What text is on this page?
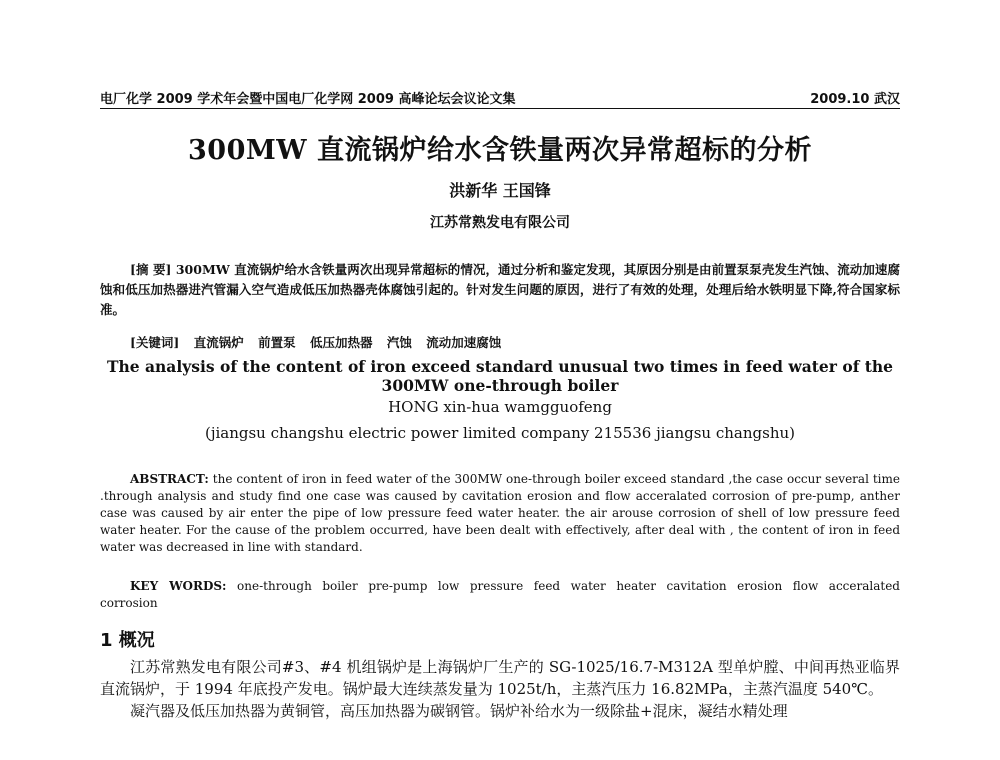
电厂化学 2009 学术年会暨中国电厂化学网 2009 高峰论坛会议论文集	2009.10 武汉
300MW 直流锅炉给水含铁量两次异常超标的分析
洪新华 王国锋
江苏常熟发电有限公司
[摘 要] 300MW 直流锅炉给水含铁量两次出现异常超标的情况，通过分析和鉴定发现，其原因分别是由前置泵泵壳发生汽蚀、流动加速腐蚀和低压加热器进汽管漏入空气造成低压加热器壳体腐蚀引起的。针对发生问题的原因，进行了有效的处理，处理后给水铁明显下降,符合国家标准。
[关键词] 直流锅炉 前置泵 低压加热器 汽蚀 流动加速腐蚀
The analysis of the content of iron exceed standard unusual two times in feed water of the 300MW one-through boiler
HONG xin-hua wamgguofeng
(jiangsu changshu electric power limited company 215536 jiangsu changshu)
ABSTRACT: the content of iron in feed water of the 300MW one-through boiler exceed standard ,the case occur several time .through analysis and study find one case was caused by cavitation erosion and flow acceralated corrosion of pre-pump, anther case was caused by air enter the pipe of low pressure feed water heater. the air arouse corrosion of shell of low pressure feed water heater. For the cause of the problem occurred, have been dealt with effectively, after deal with , the content of iron in feed water was decreased in line with standard.
KEY WORDS: one-through boiler pre-pump low pressure feed water heater cavitation erosion flow acceralated corrosion
1 概况

江苏常熟发电有限公司#3、#4 机组锅炉是上海锅炉厂生产的 SG-1025/16.7-M312A 型单炉膛、中间再热亚临界直流锅炉，于 1994 年底投产发电。锅炉最大连续蒸发量为 1025t/h，主蒸汽压力 16.82MPa，主蒸汽温度 540℃。

凝汽器及低压加热器为黄铜管，高压加热器为碳钢管。锅炉补给水为一级除盐+混床，凝结水精处理
